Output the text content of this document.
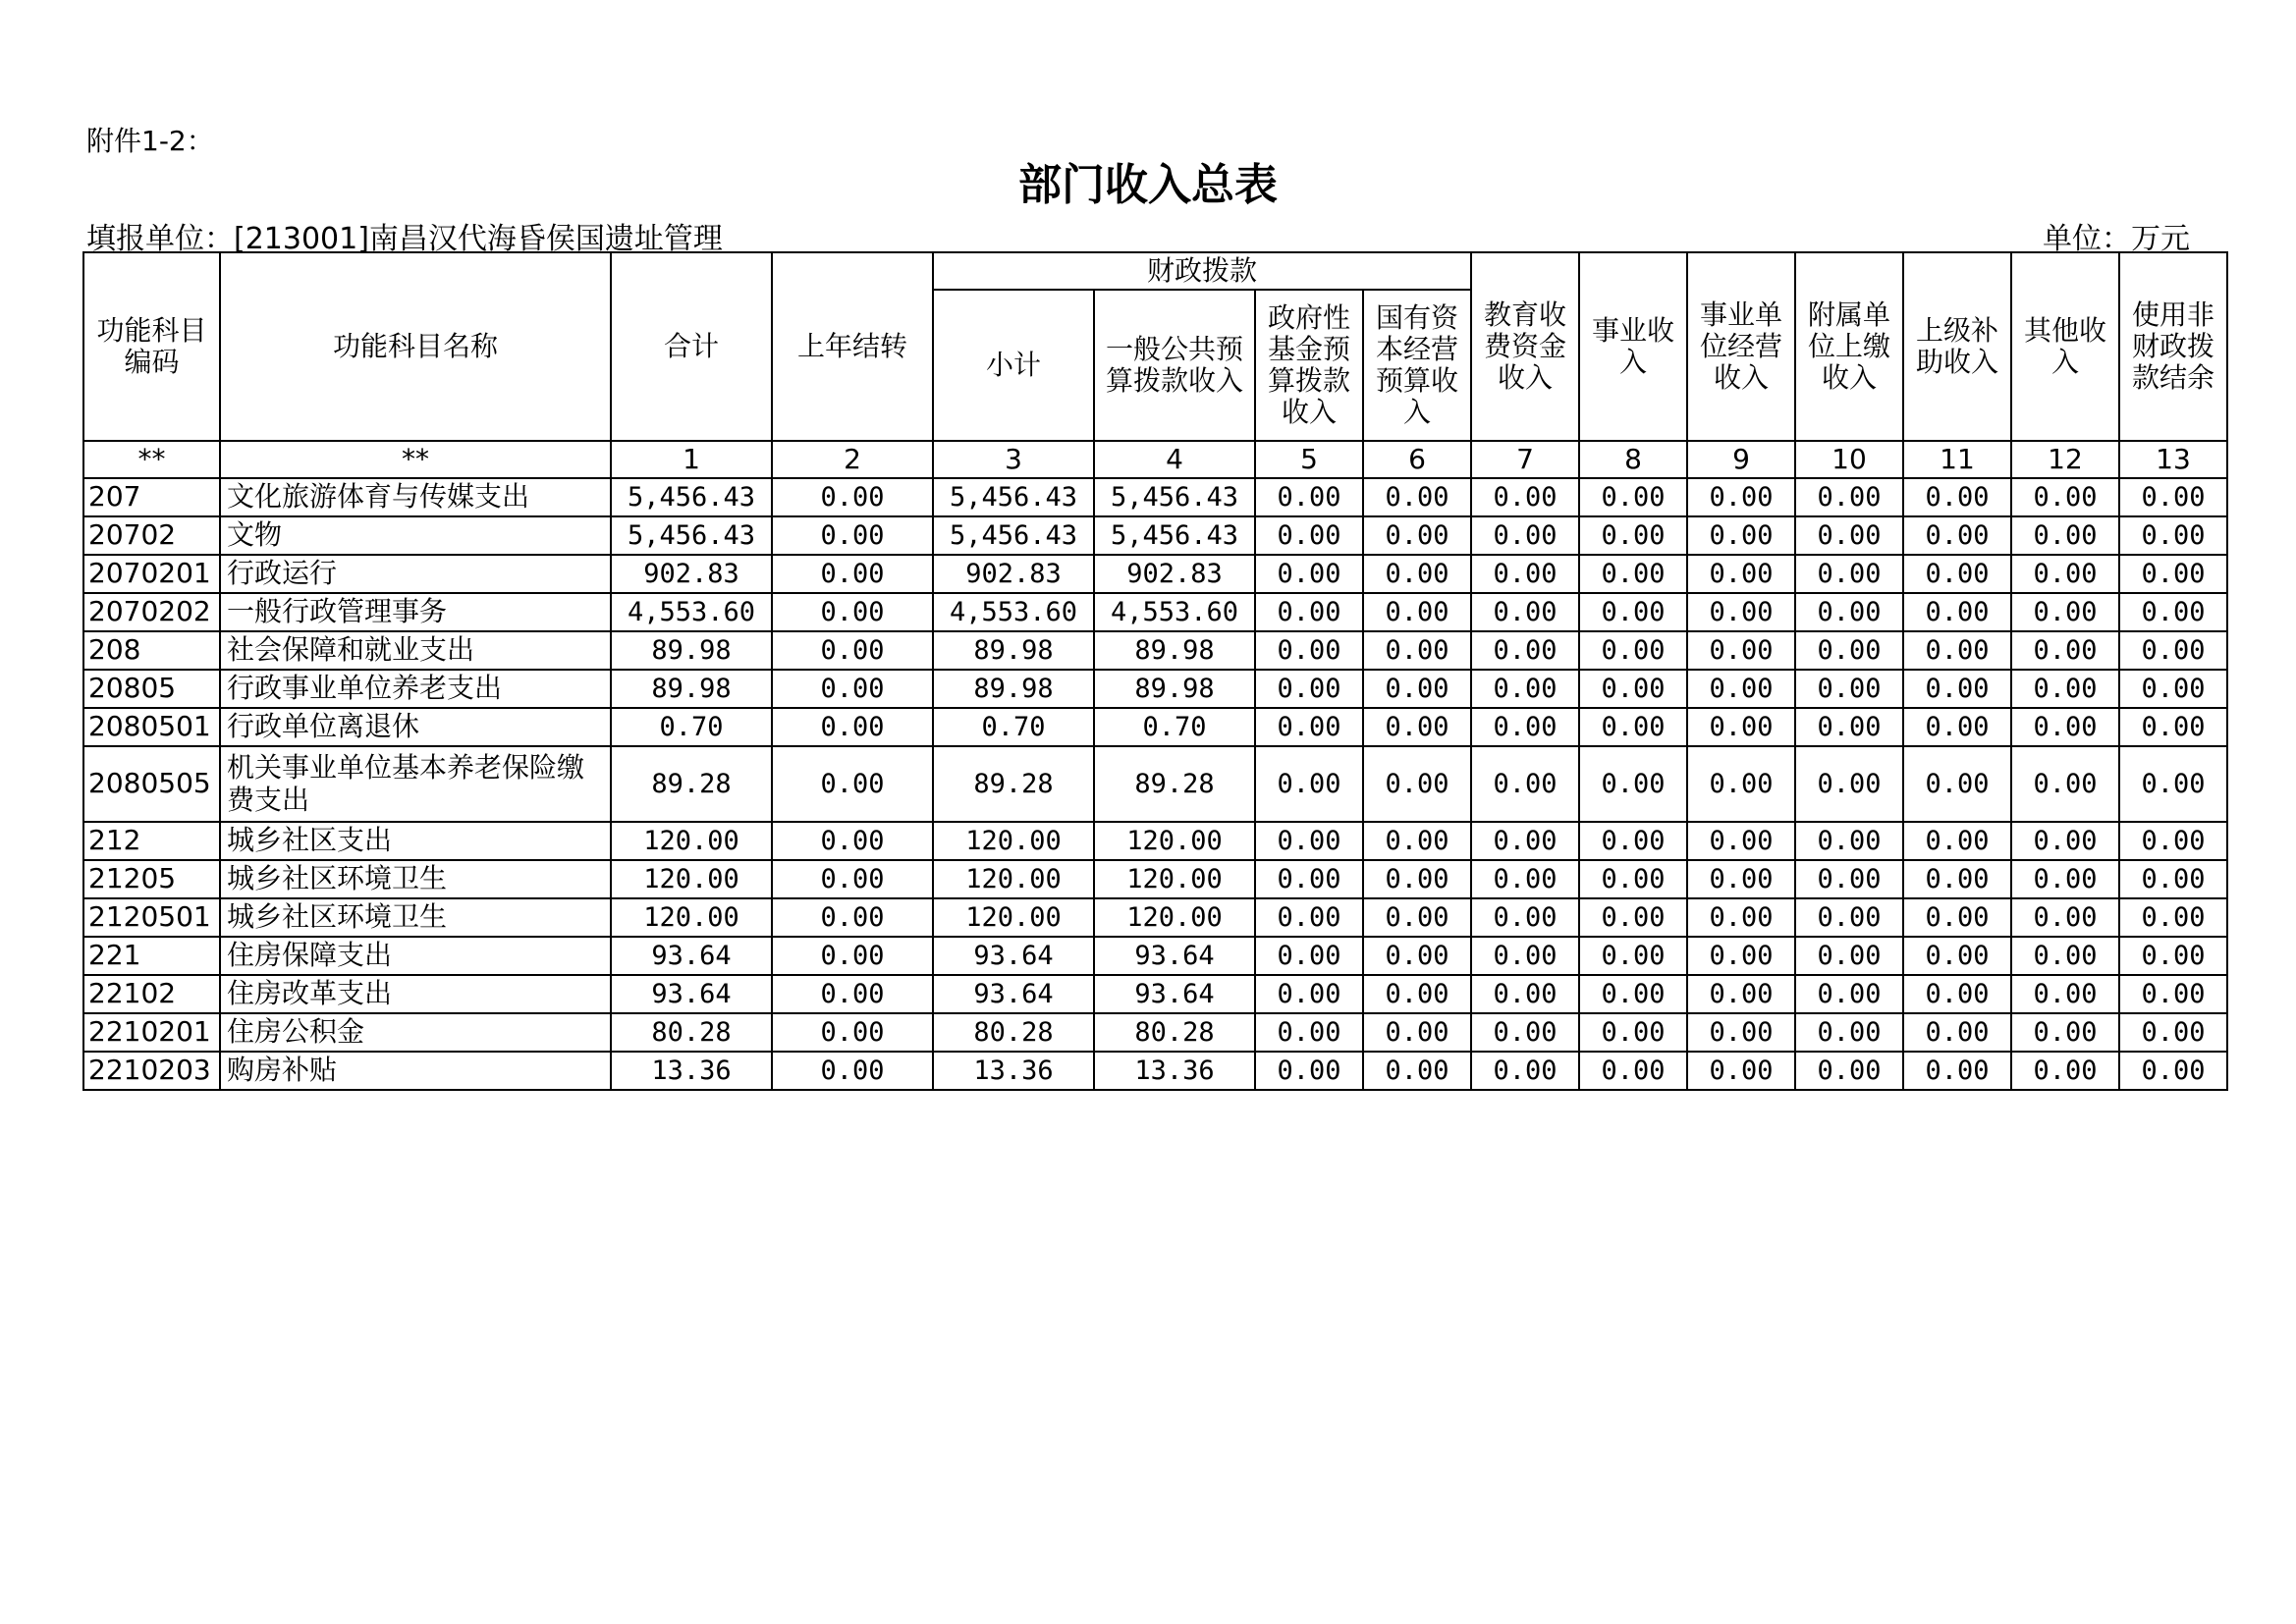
附件1-2：
部门收入总表
填报单位：[213001]南昌汉代海昏侯国遗址管理	单位：万元
功能科目编码	功能科目名称	合计	上年结转	财政拨款				教育收费资金收入	事业收入	事业单位经营收入	附属单位上缴收入	上级补助收入	其他收入	使用非财政拨款结余
				小计	一般公共预算拨款收入	政府性基金预算拨款收入	国有资本经营预算收入							
**	**	1	2	3	4	5	6	7	8	9	10	11	12	13
207	文化旅游体育与传媒支出	5,456.43	0.00	5,456.43	5,456.43	0.00	0.00	0.00	0.00	0.00	0.00	0.00	0.00	0.00
20702	文物	5,456.43	0.00	5,456.43	5,456.43	0.00	0.00	0.00	0.00	0.00	0.00	0.00	0.00	0.00
2070201	行政运行	902.83	0.00	902.83	902.83	0.00	0.00	0.00	0.00	0.00	0.00	0.00	0.00	0.00
2070202	一般行政管理事务	4,553.60	0.00	4,553.60	4,553.60	0.00	0.00	0.00	0.00	0.00	0.00	0.00	0.00	0.00
208	社会保障和就业支出	89.98	0.00	89.98	89.98	0.00	0.00	0.00	0.00	0.00	0.00	0.00	0.00	0.00
20805	行政事业单位养老支出	89.98	0.00	89.98	89.98	0.00	0.00	0.00	0.00	0.00	0.00	0.00	0.00	0.00
2080501	行政单位离退休	0.70	0.00	0.70	0.70	0.00	0.00	0.00	0.00	0.00	0.00	0.00	0.00	0.00
2080505	机关事业单位基本养老保险缴费支出	89.28	0.00	89.28	89.28	0.00	0.00	0.00	0.00	0.00	0.00	0.00	0.00	0.00
212	城乡社区支出	120.00	0.00	120.00	120.00	0.00	0.00	0.00	0.00	0.00	0.00	0.00	0.00	0.00
21205	城乡社区环境卫生	120.00	0.00	120.00	120.00	0.00	0.00	0.00	0.00	0.00	0.00	0.00	0.00	0.00
2120501	城乡社区环境卫生	120.00	0.00	120.00	120.00	0.00	0.00	0.00	0.00	0.00	0.00	0.00	0.00	0.00
221	住房保障支出	93.64	0.00	93.64	93.64	0.00	0.00	0.00	0.00	0.00	0.00	0.00	0.00	0.00
22102	住房改革支出	93.64	0.00	93.64	93.64	0.00	0.00	0.00	0.00	0.00	0.00	0.00	0.00	0.00
2210201	住房公积金	80.28	0.00	80.28	80.28	0.00	0.00	0.00	0.00	0.00	0.00	0.00	0.00	0.00
2210203	购房补贴	13.36	0.00	13.36	13.36	0.00	0.00	0.00	0.00	0.00	0.00	0.00	0.00	0.00
